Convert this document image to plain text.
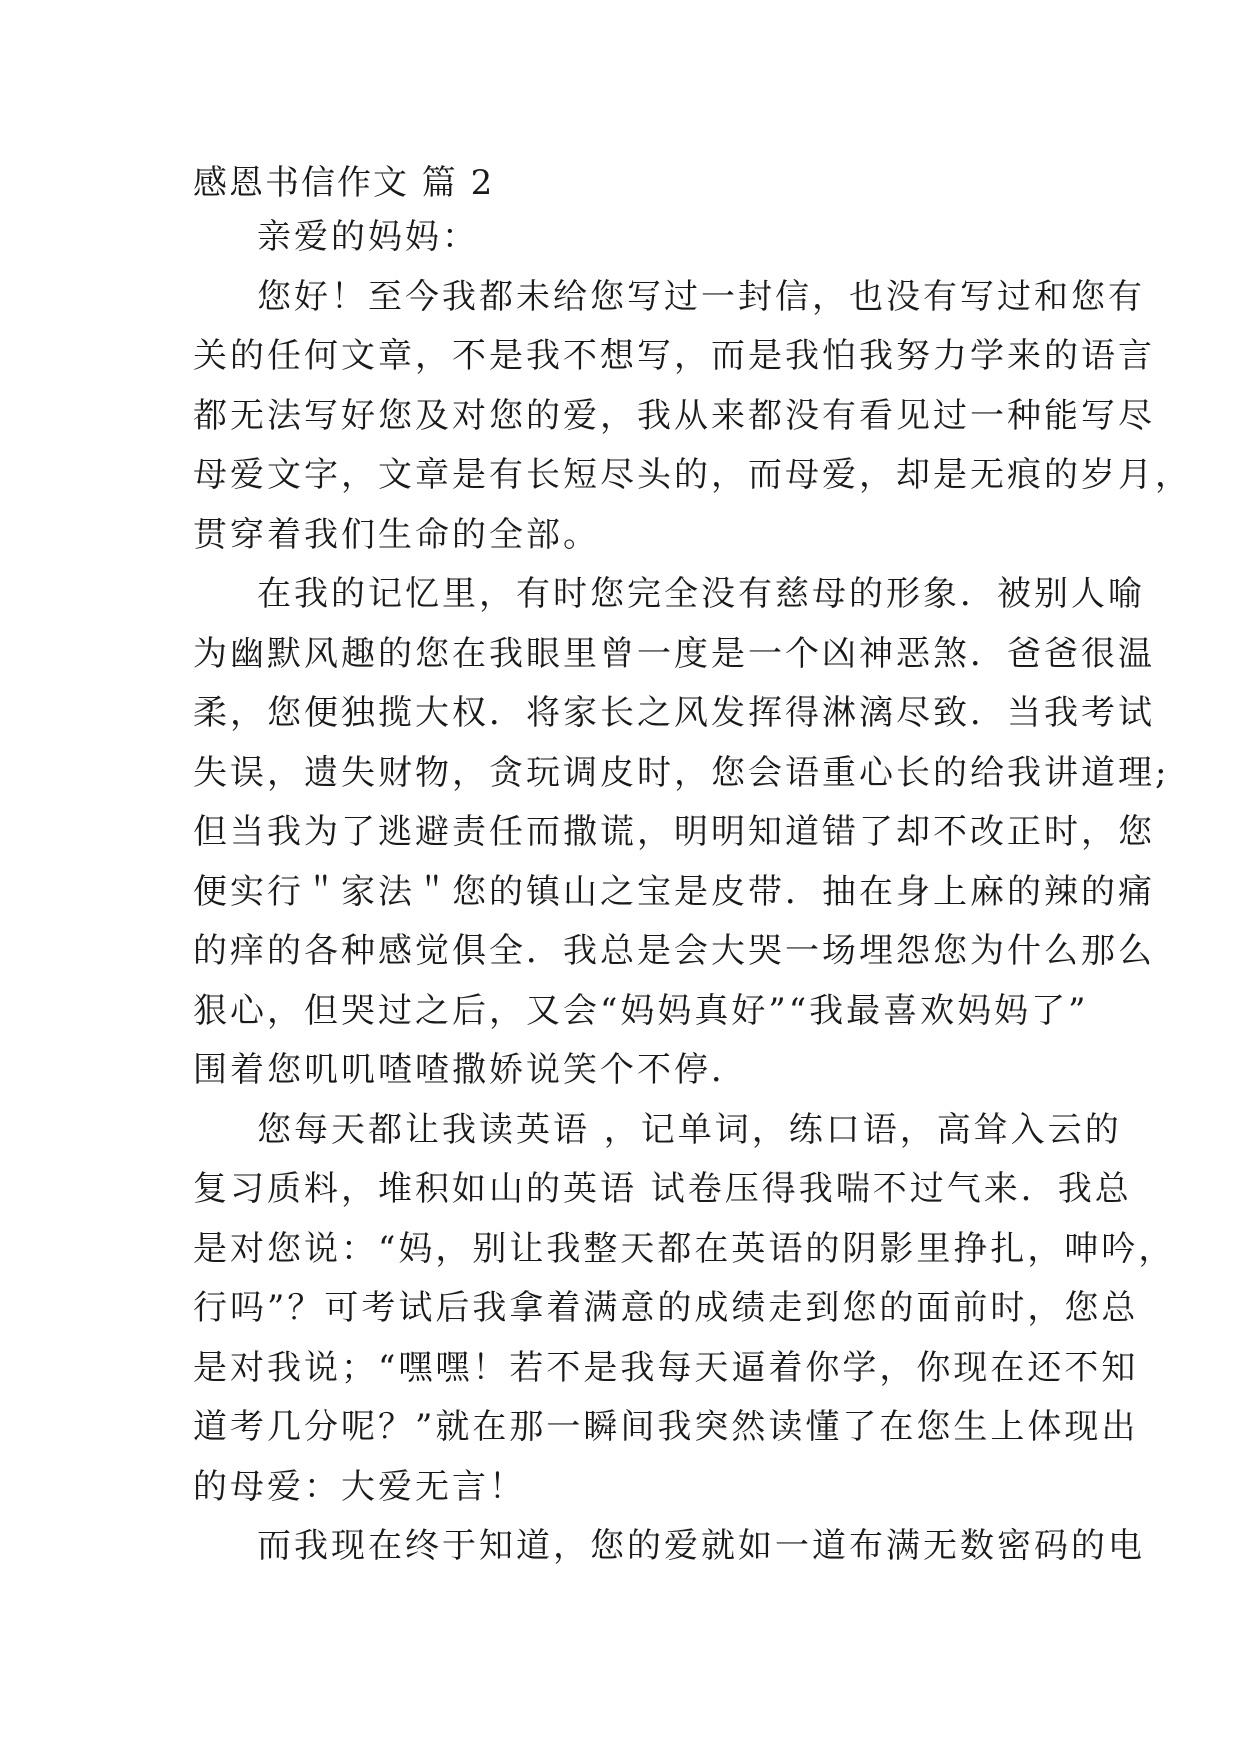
感恩书信作文 篇 2
亲爱的妈妈：
您好！至今我都未给您写过一封信，也没有写过和您有
关的任何文章，不是我不想写，而是我怕我努力学来的语言
都无法写好您及对您的爱，我从来都没有看见过一种能写尽
母爱文字，文章是有长短尽头的，而母爱，却是无痕的岁月，
贯穿着我们生命的全部。
在我的记忆里，有时您完全没有慈母的形象．被别人喻
为幽默风趣的您在我眼里曾一度是一个凶神恶煞．爸爸很温
柔，您便独揽大权．将家长之风发挥得淋漓尽致．当我考试
失误，遗失财物，贪玩调皮时，您会语重心长的给我讲道理;
但当我为了逃避责任而撒谎，明明知道错了却不改正时，您
便实行＂家法＂您的镇山之宝是皮带．抽在身上麻的辣的痛
的痒的各种感觉俱全．我总是会大哭一场埋怨您为什么那么
狠心，但哭过之后，又会“妈妈真好”“我最喜欢妈妈了”
围着您叽叽喳喳撒娇说笑个不停．
您每天都让我读英语 ，记单词，练口语，高耸入云的
复习质料，堆积如山的英语 试卷压得我喘不过气来．我总
是对您说：“妈，别让我整天都在英语的阴影里挣扎，呻吟，
行吗”？可考试后我拿着满意的成绩走到您的面前时，您总
是对我说；“嘿嘿！若不是我每天逼着你学，你现在还不知
道考几分呢？”就在那一瞬间我突然读懂了在您生上体现出
的母爱：大爱无言！
而我现在终于知道，您的爱就如一道布满无数密码的电
